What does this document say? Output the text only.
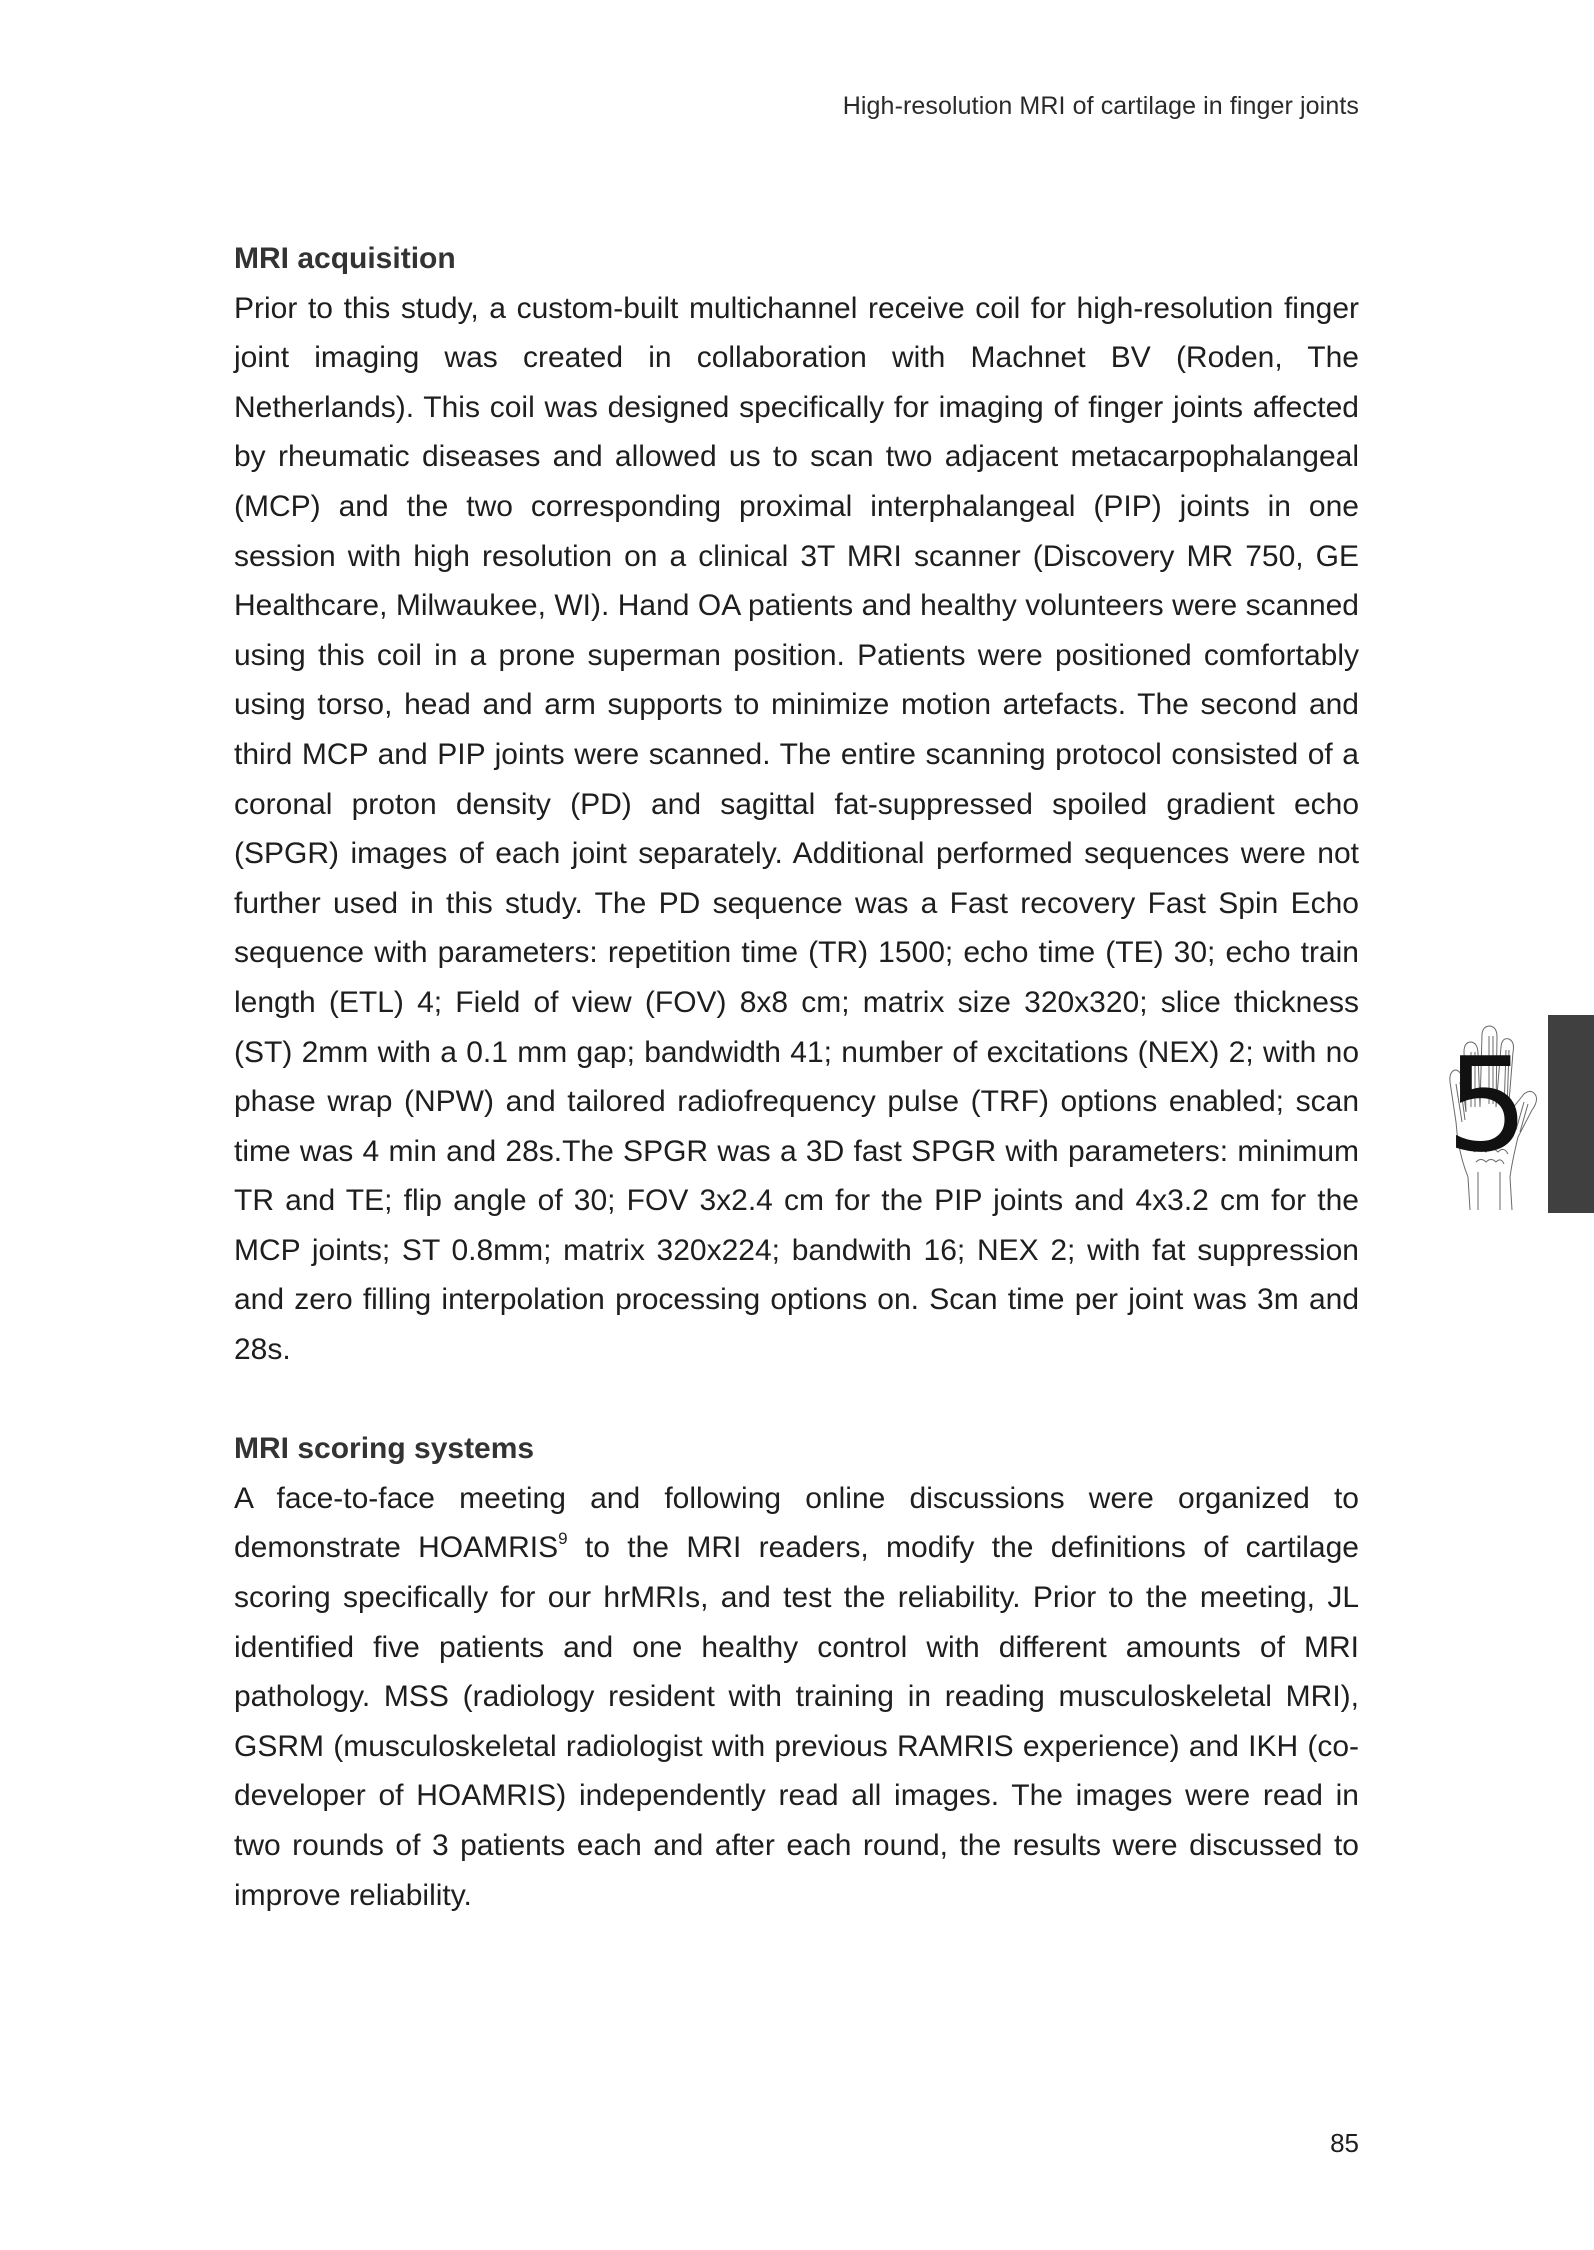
High-resolution MRI of cartilage in finger joints
MRI acquisition

Prior to this study, a custom-built multichannel receive coil for high-resolution finger joint imaging was created in collaboration with Machnet BV (Roden, The Netherlands). This coil was designed specifically for imaging of finger joints affected by rheumatic diseases and allowed us to scan two adjacent metacarpophalangeal (MCP) and the two corresponding proximal interphalangeal (PIP) joints in one session with high resolution on a clinical 3T MRI scanner (Discovery MR 750, GE Healthcare, Milwaukee, WI). Hand OA patients and healthy volunteers were scanned using this coil in a prone superman position. Patients were positioned comfortably using torso, head and arm supports to minimize motion artefacts. The second and third MCP and PIP joints were scanned. The entire scanning protocol consisted of a coronal proton density (PD) and sagittal fat-suppressed spoiled gradient echo (SPGR) images of each joint separately. Additional performed sequences were not further used in this study. The PD sequence was a Fast recovery Fast Spin Echo sequence with parameters: repetition time (TR) 1500; echo time (TE) 30; echo train length (ETL) 4; Field of view (FOV) 8x8 cm; matrix size 320x320; slice thickness (ST) 2mm with a 0.1 mm gap; bandwidth 41; number of excitations (NEX) 2; with no phase wrap (NPW) and tailored radiofrequency pulse (TRF) options enabled; scan time was 4 min and 28s.The SPGR was a 3D fast SPGR with parameters: minimum TR and TE; flip angle of 30; FOV 3x2.4 cm for the PIP joints and 4x3.2 cm for the MCP joints; ST 0.8mm; matrix 320x224; bandwith 16; NEX 2; with fat suppression and zero filling interpolation processing options on. Scan time per joint was 3m and 28s.

MRI scoring systems

A face-to-face meeting and following online discussions were organized to demonstrate HOAMRIS$^9$ to the MRI readers, modify the definitions of cartilage scoring specifically for our hrMRIs, and test the reliability. Prior to the meeting, JL identified five patients and one healthy control with different amounts of MRI pathology. MSS (radiology resident with training in reading musculoskeletal MRI), GSRM (musculoskeletal radiologist with previous RAMRIS experience) and IKH (co-developer of HOAMRIS) independently read all images. The images were read in two rounds of 3 patients each and after each round, the results were discussed to improve reliability.

5
85
